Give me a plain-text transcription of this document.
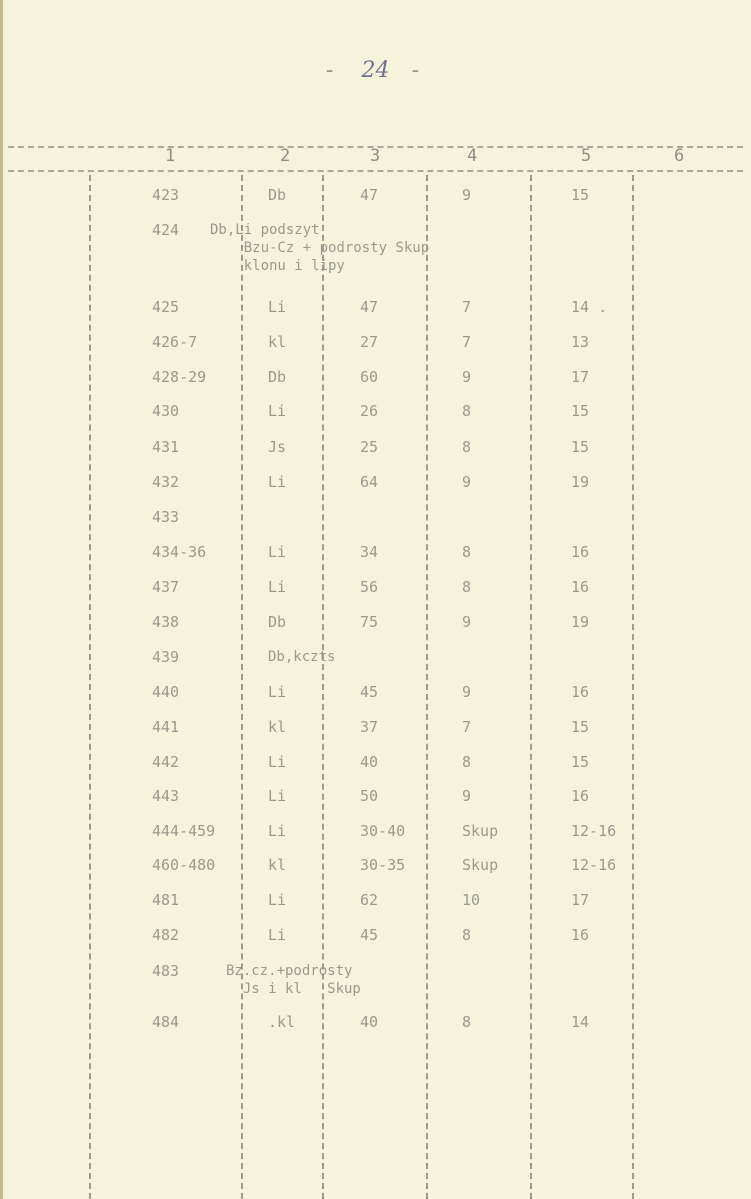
- 24 -
1	2	3	4	5	6
423	Db	47	9	15
424 Db,Li podszyt
Bzu-Cz + podrosty Skup
klonu i lipy
425	Li	47	7	14 .
426-7	kl	27	7	13
428-29	Db	60	9	17
430	Li	26	8	15
431	Js	25	8	15
432	Li	64	9	19
433
434-36	Li	34	8	16
437	Li	56	8	16
438	Db	75	9	19
439	Db,kczts
440	Li	45	9	16
441	kl	37	7	15
442	Li	40	8	15
443	Li	50	9	16
444-459	Li	30-40	Skup	12-16
460-480	kl	30-35	Skup	12-16
481	Li	62	10	17
482	Li	45	8	16
483	Bz.cz.+podrosty
Js i kl   Skup
484	.kl	40	8	14
